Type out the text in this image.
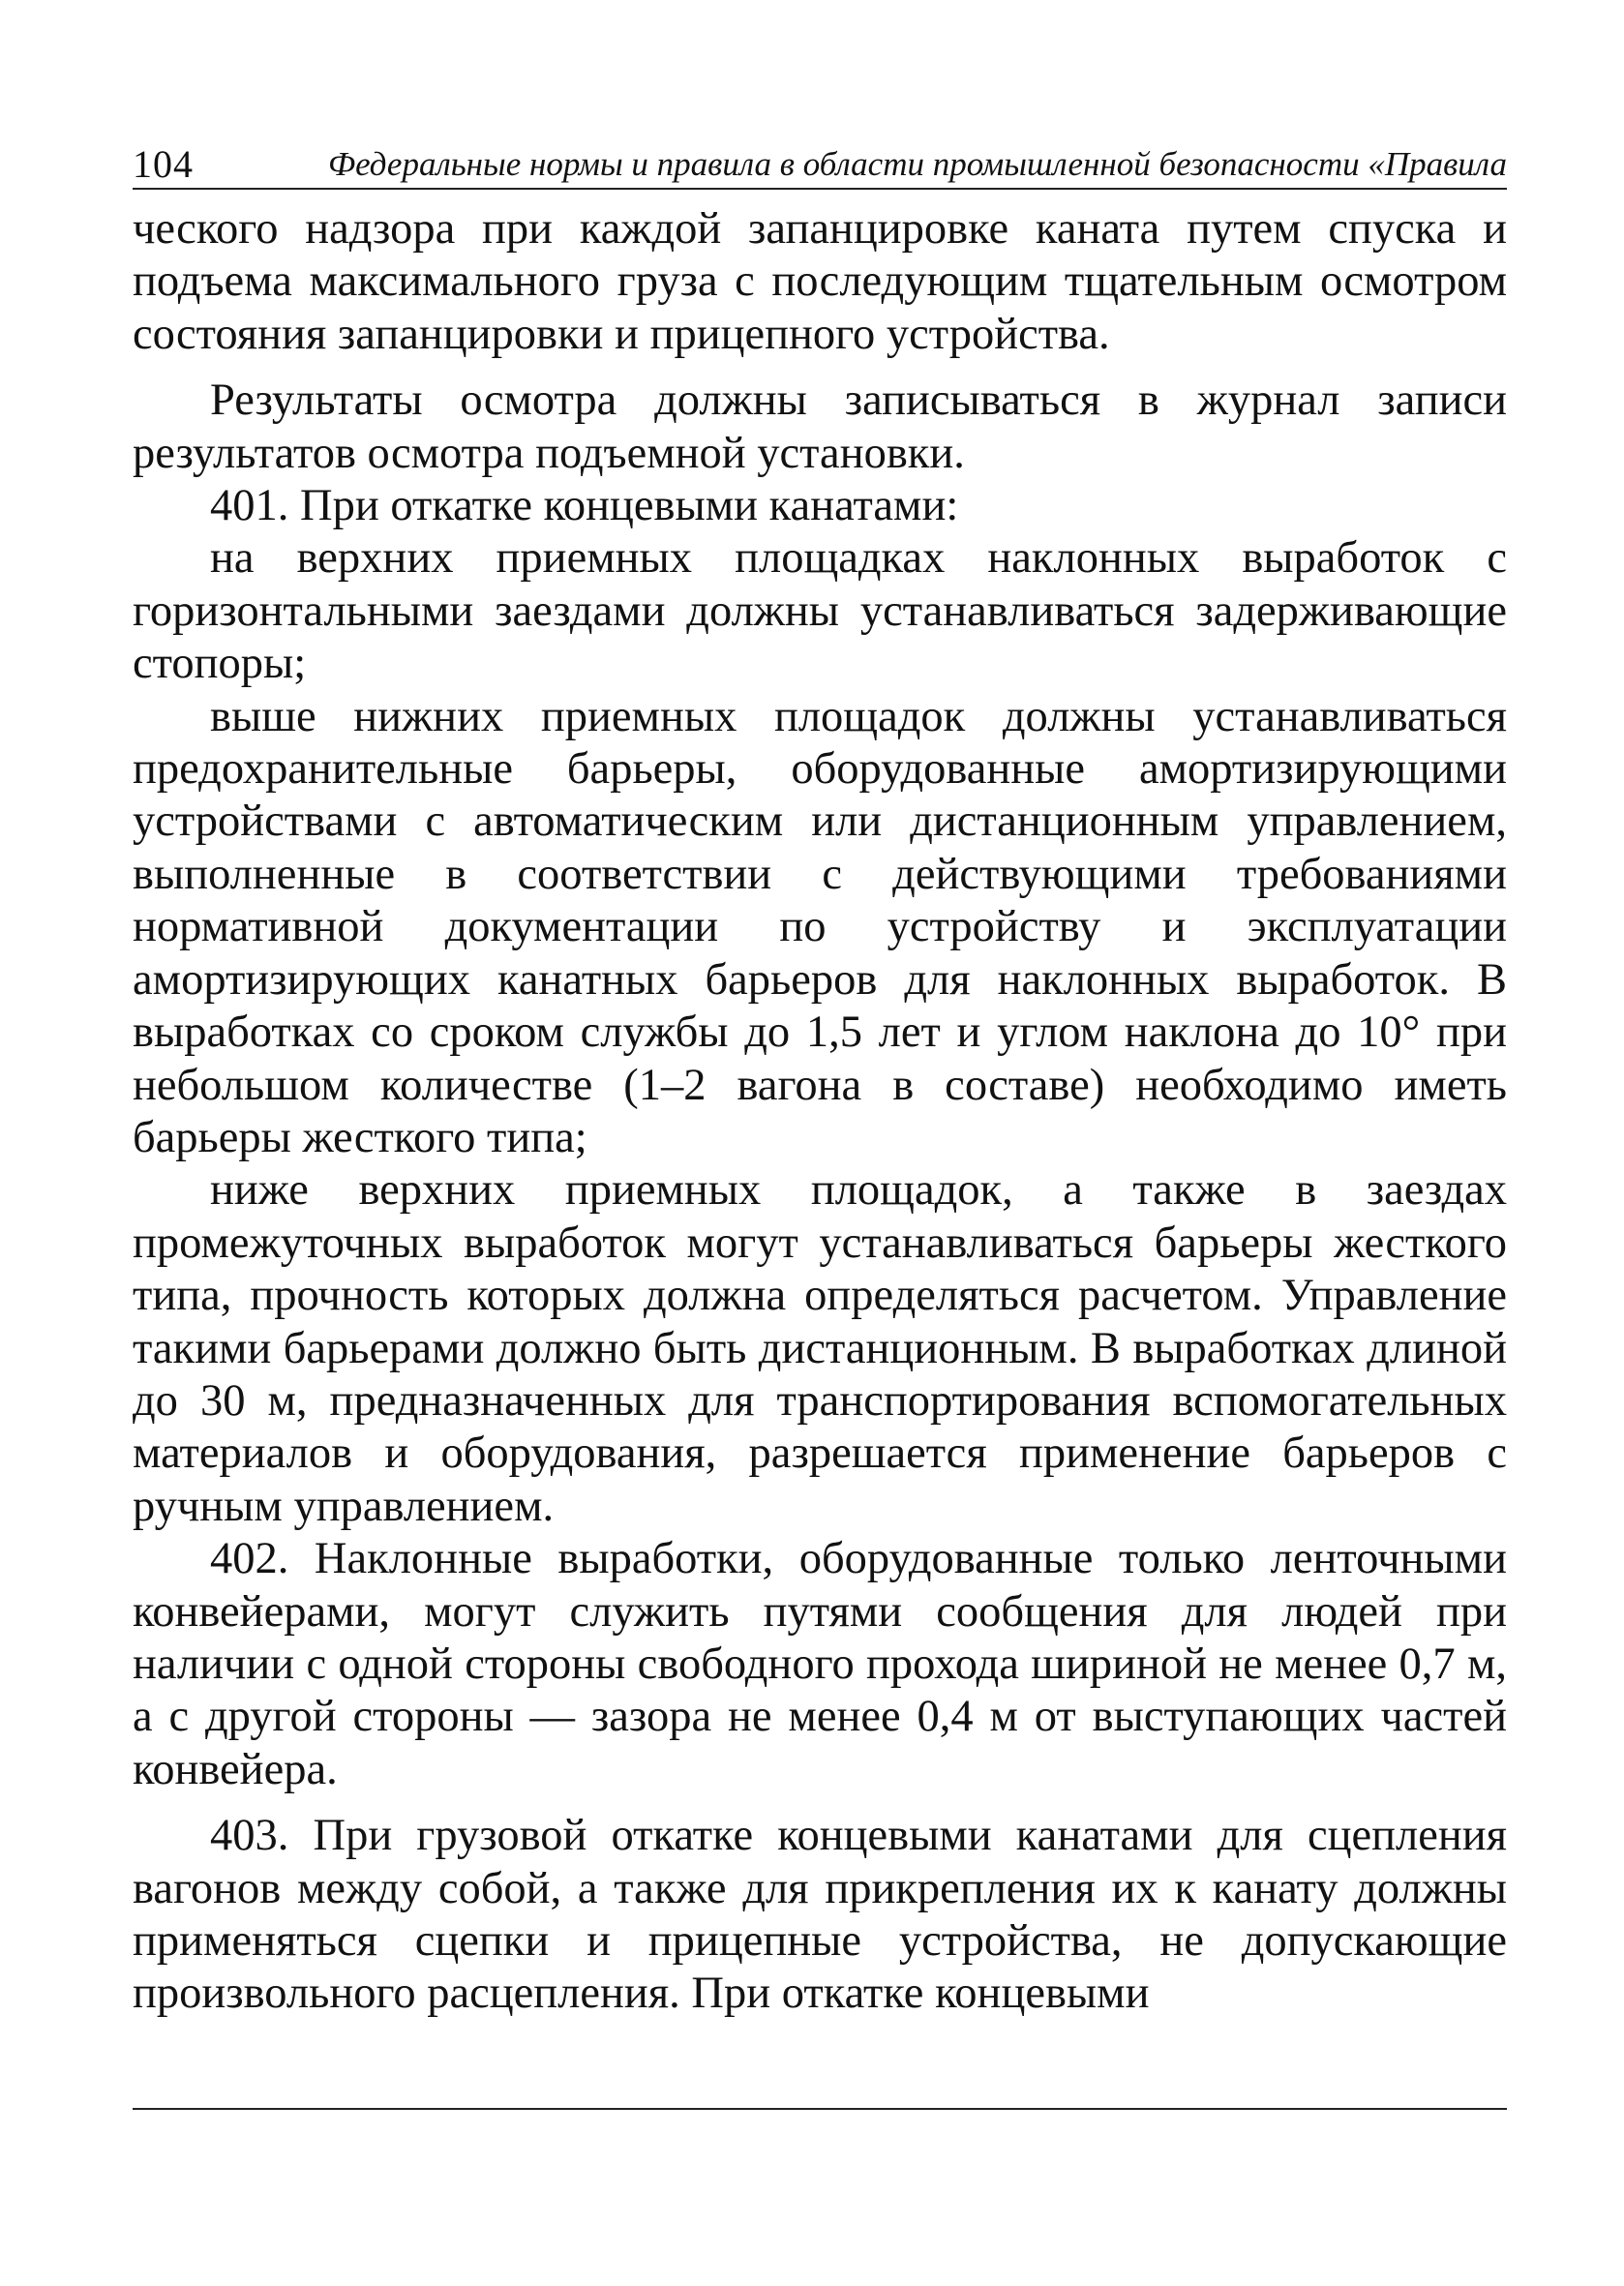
104	Федеральные нормы и правила в области промышленной безопасности «Правила

ческого надзора при каждой запанцировке каната путем спуска и подъема максимального груза с последующим тщательным осмотром состояния запанцировки и прицепного устройства.

Результаты осмотра должны записываться в журнал записи результатов осмотра подъемной установки.

401. При откатке концевыми канатами:

на верхних приемных площадках наклонных выработок с горизонтальными заездами должны устанавливаться задерживающие стопоры;

выше нижних приемных площадок должны устанавливаться предохранительные барьеры, оборудованные амортизирующими устройствами с автоматическим или дистанционным управлением, выполненные в соответствии с действующими требованиями нормативной документации по устройству и эксплуатации амортизирующих канатных барьеров для наклонных выработок. В выработках со сроком службы до 1,5 лет и углом наклона до 10° при небольшом количестве (1–2 вагона в составе) необходимо иметь барьеры жесткого типа;

ниже верхних приемных площадок, а также в заездах промежуточных выработок могут устанавливаться барьеры жесткого типа, прочность которых должна определяться расчетом. Управление такими барьерами должно быть дистанционным. В выработках длиной до 30 м, предназначенных для транспортирования вспомогательных материалов и оборудования, разрешается применение барьеров с ручным управлением.

402. Наклонные выработки, оборудованные только ленточными конвейерами, могут служить путями сообщения для людей при наличии с одной стороны свободного прохода шириной не менее 0,7 м, а с другой стороны — зазора не менее 0,4 м от выступающих частей конвейера.

403. При грузовой откатке концевыми канатами для сцепления вагонов между собой, а также для прикрепления их к канату должны применяться сцепки и прицепные устройства, не допускающие произвольного расцепления. При откатке концевыми
